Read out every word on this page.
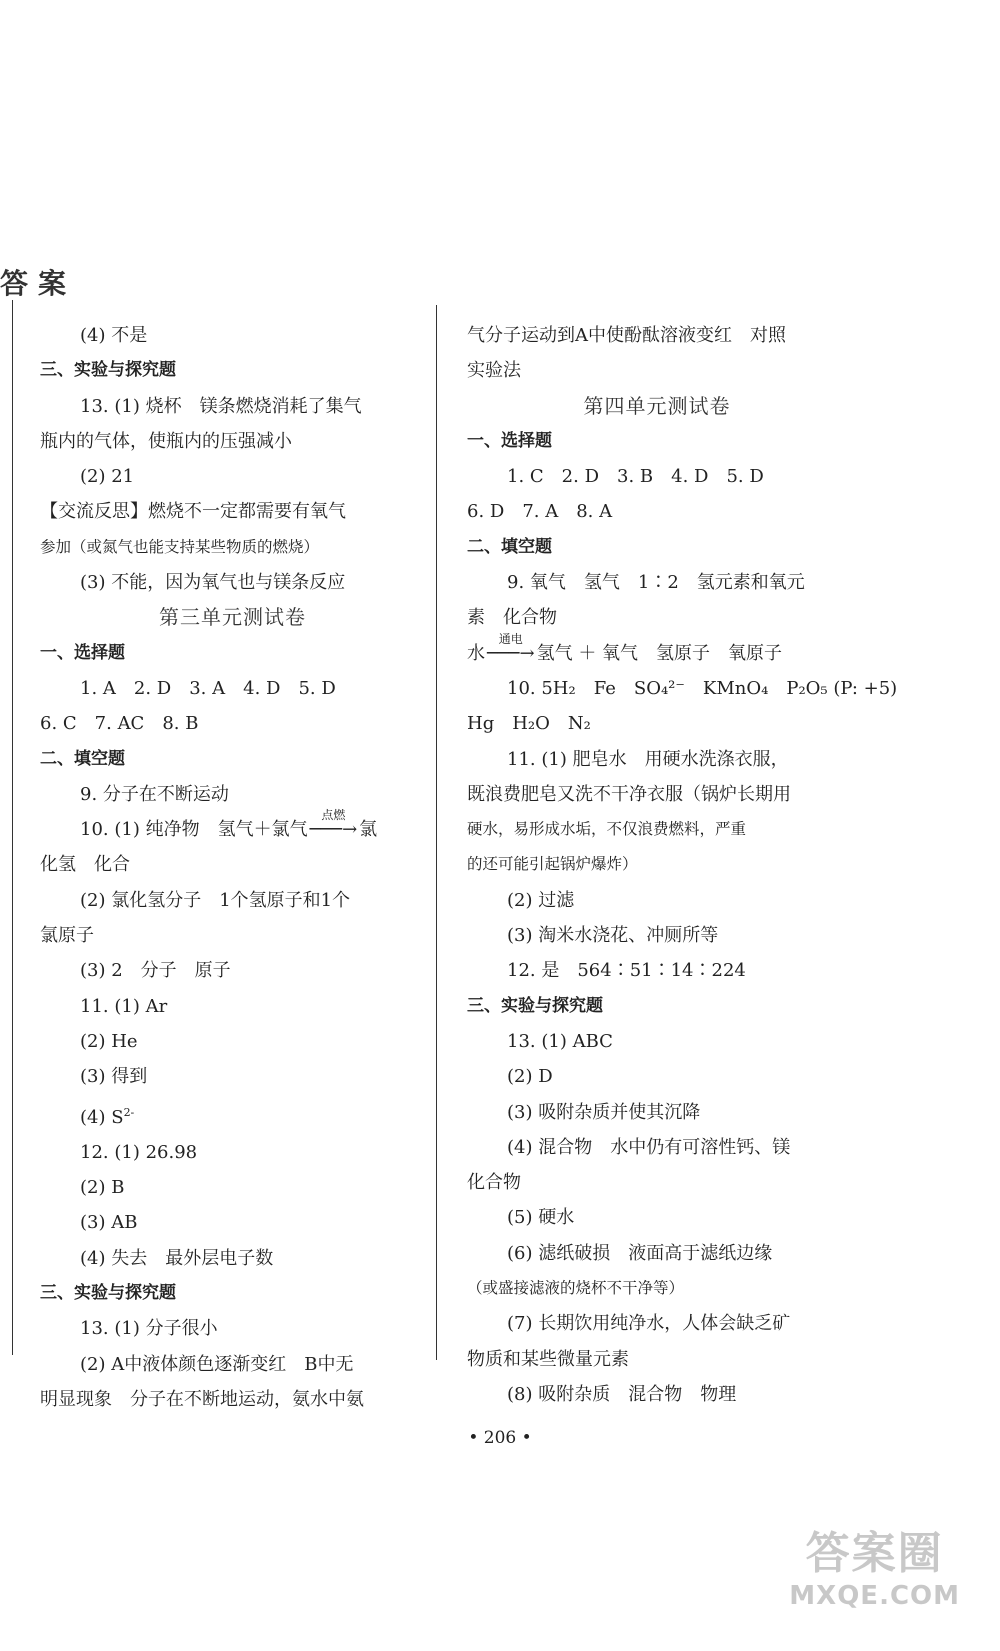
答案
(4) 不是
三、实验与探究题
13. (1) 烧杯　镁条燃烧消耗了集气
瓶内的气体，使瓶内的压强减小
(2) 21
【交流反思】燃烧不一定都需要有氧气
参加（或氮气也能支持某些物质的燃烧）
(3) 不能，因为氧气也与镁条反应
第三单元测试卷
一、选择题
1. A　2. D　3. A　4. D　5. D
6. C　7. AC　8. B
二、填空题
9. 分子在不断运动
10. (1) 纯净物　氢气＋氯气
点燃
───→ 氯
化氢　化合
(2) 氯化氢分子　1个氢原子和1个
氯原子
(3) 2　分子　原子
11. (1) Ar
(2) He
(3) 得到
(4) $S^{2-}$
12. (1) 26.98
(2) B
(3) AB
(4) 失去　最外层电子数
三、实验与探究题
13. (1) 分子很小
(2) A中液体颜色逐渐变红　B中无
明显现象　分子在不断地运动，氨水中氨
气分子运动到A中使酚酞溶液变红　对照
实验法
第四单元测试卷
一、选择题
1. C　2. D　3. B　4. D　5. D
6. D　7. A　8. A
二、填空题
9. 氧气　氢气　1∶2　氢元素和氧元
素　化合物
水
通电
───→ 氢气 ＋ 氧气　氢原子　氧原子
10. 5H₂　Fe　SO₄²⁻　KMnO₄　P₂O₅ (P: +5)
Hg　H₂O　N₂
11. (1) 肥皂水　用硬水洗涤衣服，
既浪费肥皂又洗不干净衣服（锅炉长期用
硬水，易形成水垢，不仅浪费燃料，严重
的还可能引起锅炉爆炸）
(2) 过滤
(3) 淘米水浇花、冲厕所等
12. 是　564∶51∶14∶224
三、实验与探究题
13. (1) ABC
(2) D
(3) 吸附杂质并使其沉降
(4) 混合物　水中仍有可溶性钙、镁
化合物
(5) 硬水
(6) 滤纸破损　液面高于滤纸边缘
（或盛接滤液的烧杯不干净等）
(7) 长期饮用纯净水，人体会缺乏矿
物质和某些微量元素
(8) 吸附杂质　混合物　物理
• 206 •
答案圈
MXQE.COM
